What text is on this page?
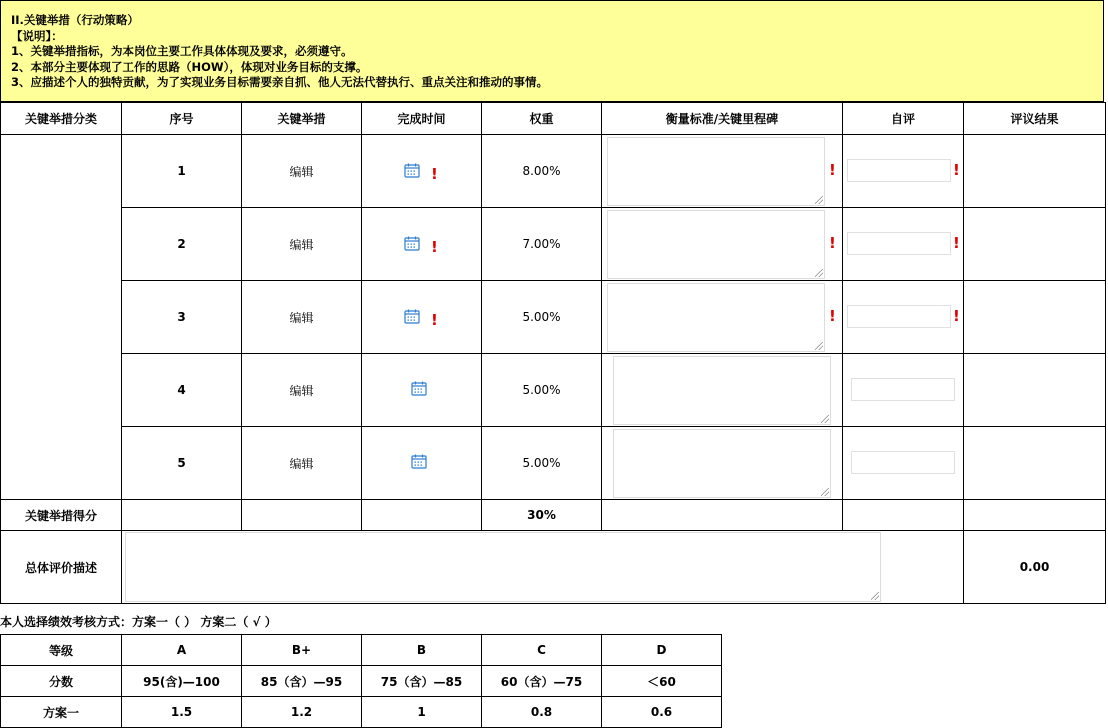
II.关键举措（行动策略）
【说明】：
1、关键举措指标，为本岗位主要工作具体体现及要求，必须遵守。
2、本部分主要体现了工作的思路（HOW），体现对业务目标的支撑。
3、应描述个人的独特贡献，为了实现业务目标需要亲自抓、他人无法代替执行、重点关注和推动的事情。
关键举措分类	序号	关键举措	完成时间	权重	衡量标准/关键里程碑	自评	评议结果
	1	编辑	!	8.00%	!	!	

	2	编辑	!	7.00%	!	!	

	3	编辑	!	5.00%	!	!	

	4	编辑		5.00%	

	5	编辑		5.00%	

关键举措得分				30%			
总体评价描述							0.00
本人选择绩效考核方式：方案一（ ） 方案二（ √ ）
等级	A	B+	B	C	D
分数	95(含)—100	85（含）—95	75（含）—85	60（含）—75	＜60
方案一	1.5	1.2	1	0.8	0.6
